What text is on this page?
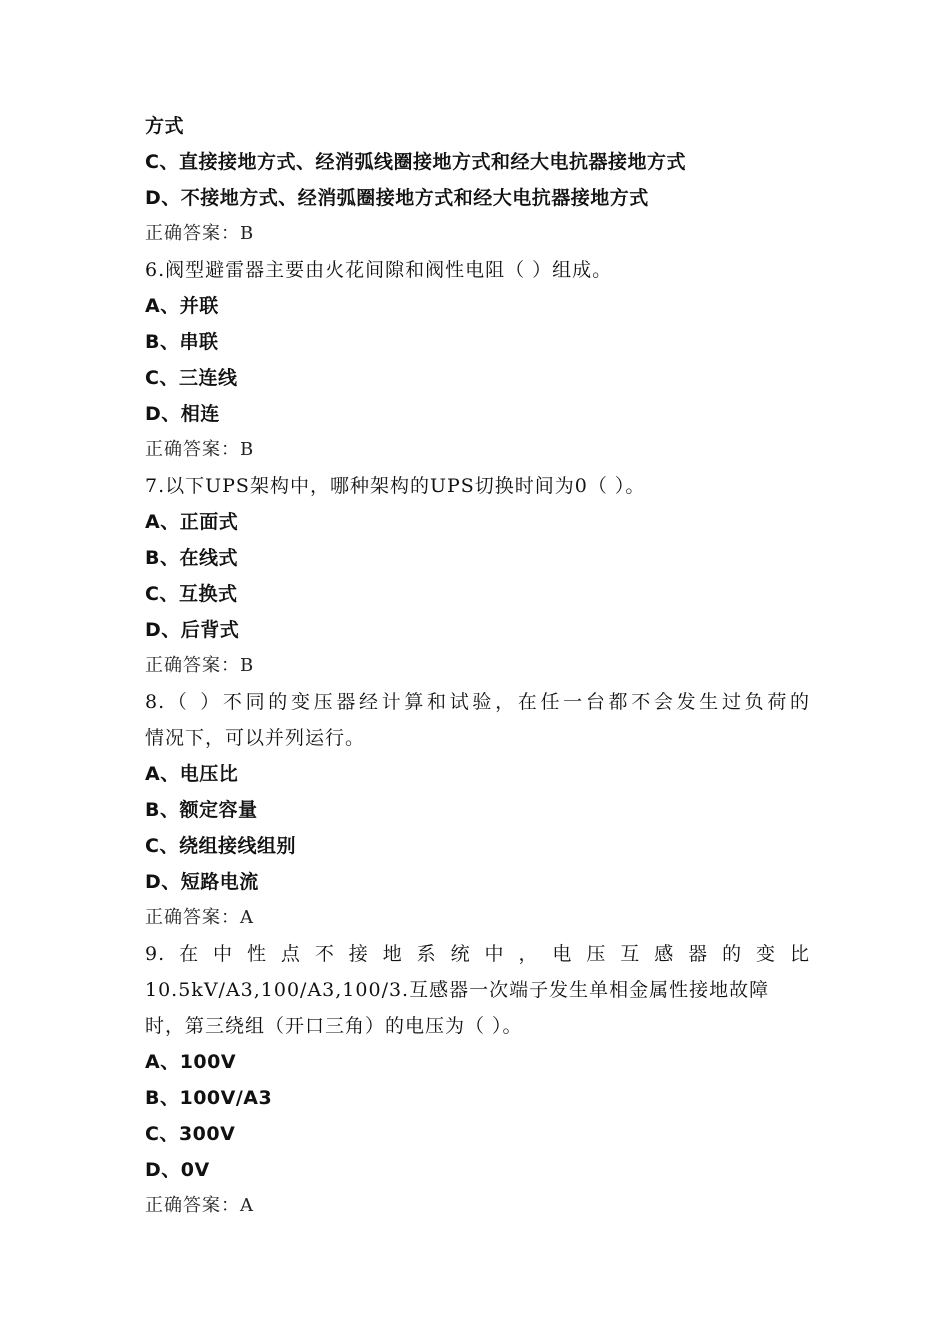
方式
C、直接接地方式、经消弧线圈接地方式和经大电抗器接地方式
D、不接地方式、经消弧圈接地方式和经大电抗器接地方式
正确答案：B
6.阀型避雷器主要由火花间隙和阀性电阻（ ）组成。
A、并联
B、串联
C、三连线
D、相连
正确答案：B
7.以下UPS架构中，哪种架构的UPS切换时间为0（ ）。
A、正面式
B、在线式
C、互换式
D、后背式
正确答案：B
8.（ ）不同的变压器经计算和试验，在任一台都不会发生过负荷的
情况下，可以并列运行。
A、电压比
B、额定容量
C、绕组接线组别
D、短路电流
正确答案：A
9.在中性点不接地系统中，电压互感器的变比
10.5kV/A3,100/A3,100/3.互感器一次端子发生单相金属性接地故障
时，第三绕组（开口三角）的电压为（ ）。
A、100V
B、100V/A3
C、300V
D、0V
正确答案：A
